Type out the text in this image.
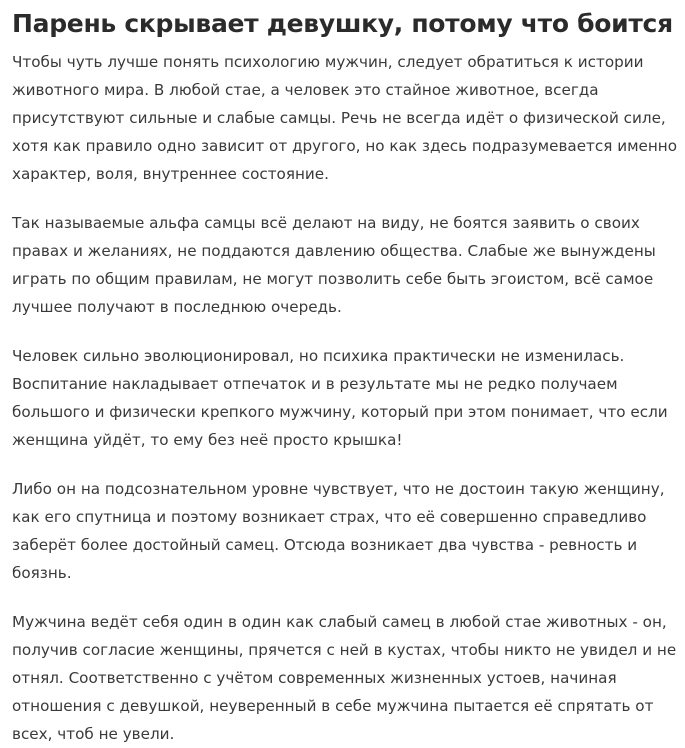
Парень скрывает девушку, потому что боится

Чтобы чуть лучше понять психологию мужчин, следует обратиться к истории животного мира. В любой стае, а человек это стайное животное, всегда присутствуют сильные и слабые самцы. Речь не всегда идёт о физической силе, хотя как правило одно зависит от другого, но как здесь подразумевается именно характер, воля, внутреннее состояние.

Так называемые альфа самцы всё делают на виду, не боятся заявить о своих правах и желаниях, не поддаются давлению общества. Слабые же вынуждены играть по общим правилам, не могут позволить себе быть эгоистом, всё самое лучшее получают в последнюю очередь.

Человек сильно эволюционировал, но психика практически не изменилась. Воспитание накладывает отпечаток и в результате мы не редко получаем большого и физически крепкого мужчину, который при этом понимает, что если женщина уйдёт, то ему без неё просто крышка!

Либо он на подсознательном уровне чувствует, что не достоин такую женщину, как его спутница и поэтому возникает страх, что её совершенно справедливо заберёт более достойный самец. Отсюда возникает два чувства - ревность и боязнь.

Мужчина ведёт себя один в один как слабый самец в любой стае животных - он, получив согласие женщины, прячется с ней в кустах, чтобы никто не увидел и не отнял. Соответственно с учётом современных жизненных устоев, начиная отношения с девушкой, неуверенный в себе мужчина пытается её спрятать от всех, чтоб не увели.
